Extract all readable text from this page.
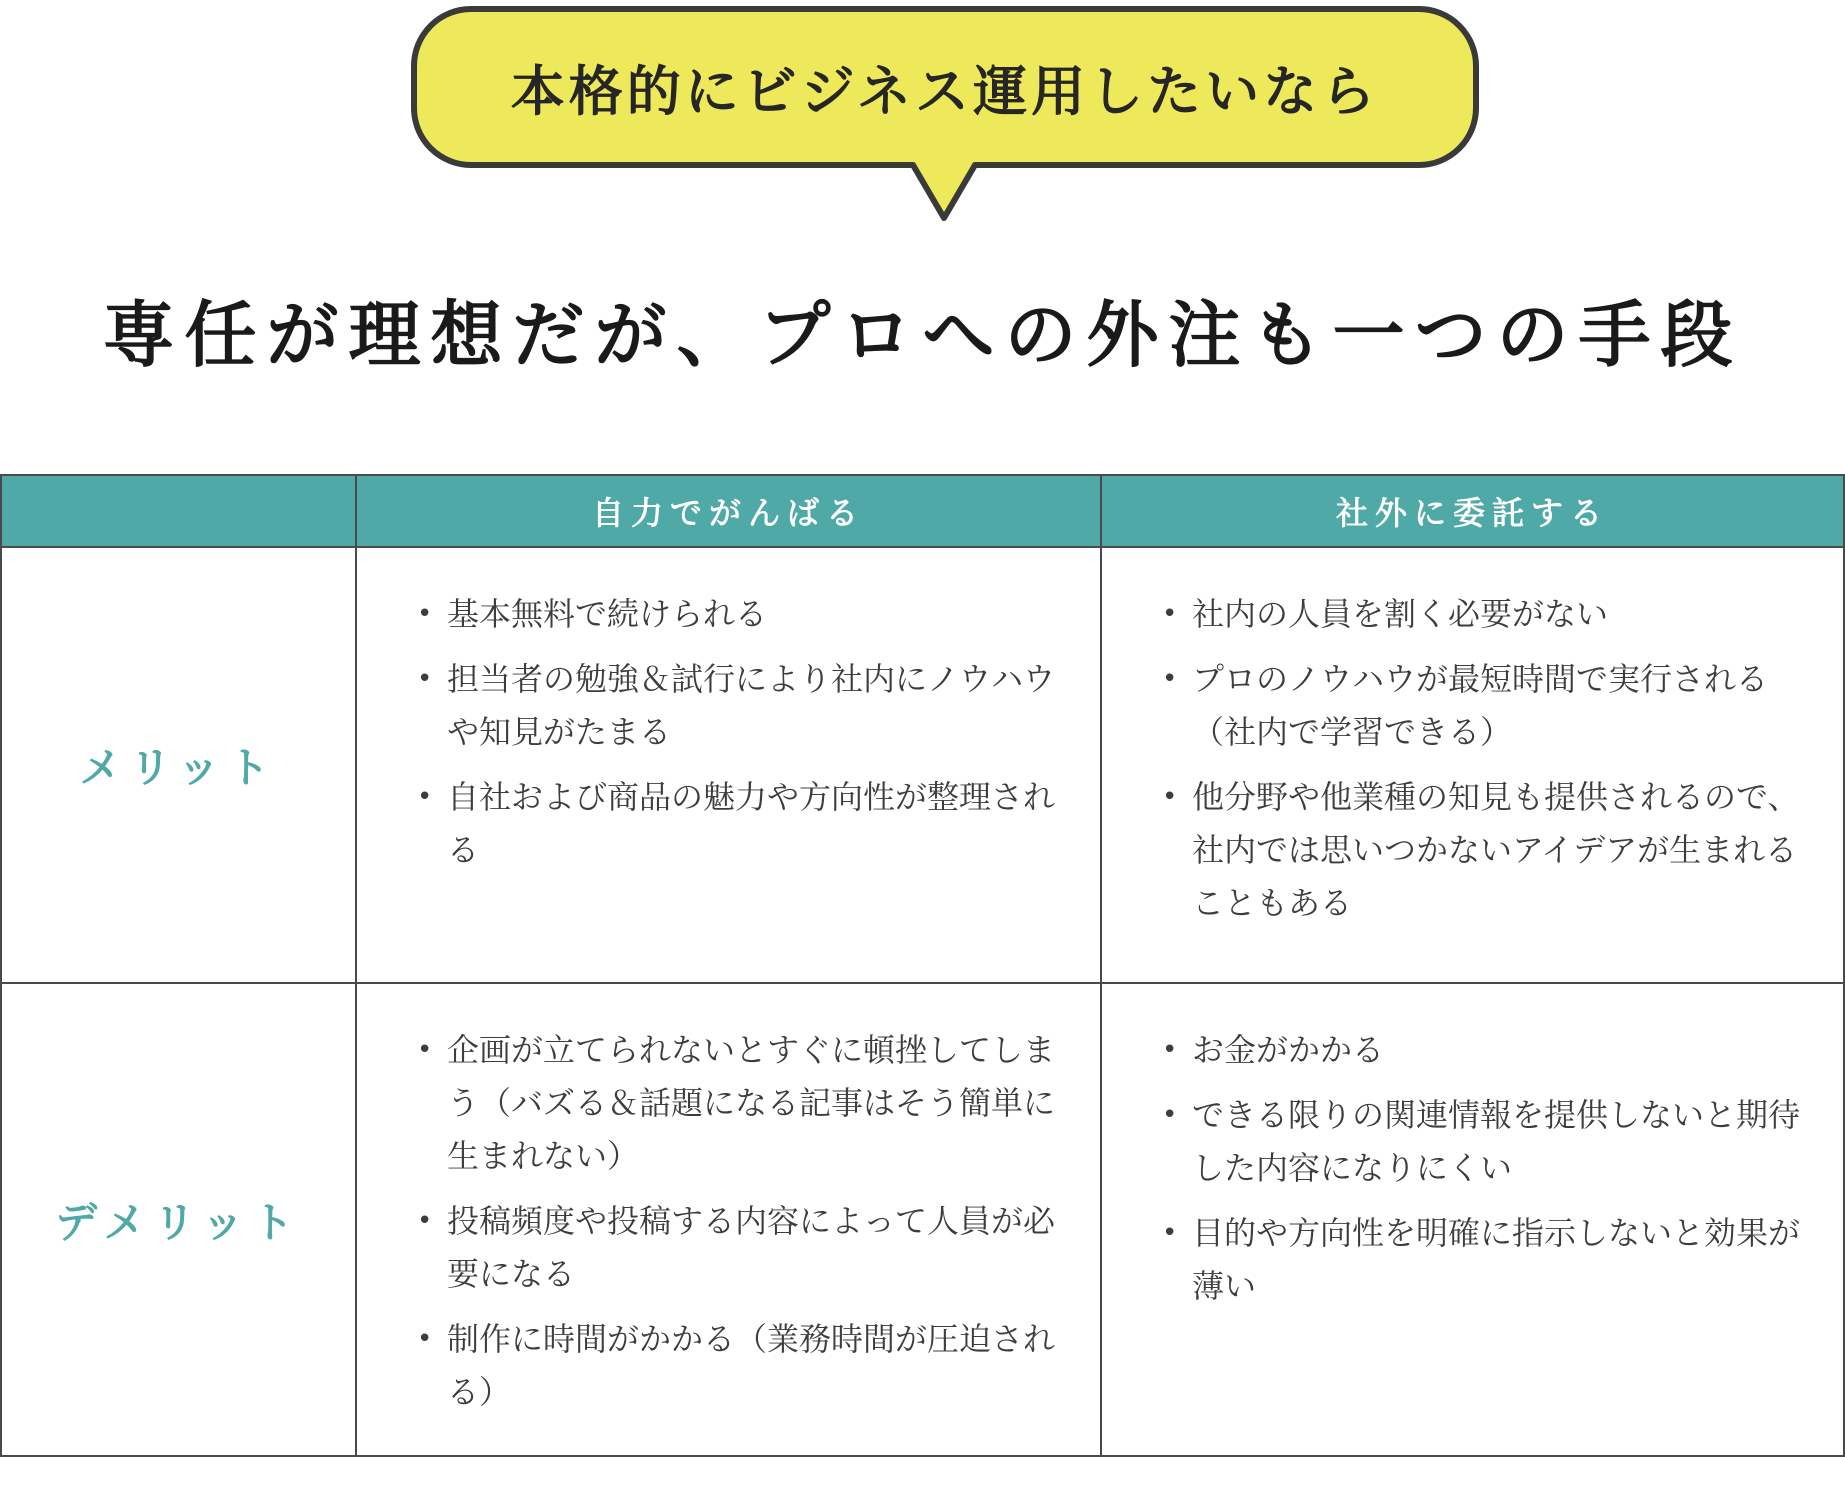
本格的にビジネス運用したいなら
専任が理想だが、プロへの外注も一つの手段
自力でがんばる	社外に委託する
メリット
• 基本無料で続けられる
• 担当者の勉強＆試行により社内にノウハウや知見がたまる
• 自社および商品の魅力や方向性が整理される
• 社内の人員を割く必要がない
• プロのノウハウが最短時間で実行される（社内で学習できる）
• 他分野や他業種の知見も提供されるので、社内では思いつかないアイデアが生まれることもある
デメリット
• 企画が立てられないとすぐに頓挫してしまう（バズる＆話題になる記事はそう簡単に生まれない）
• 投稿頻度や投稿する内容によって人員が必要になる
• 制作に時間がかかる（業務時間が圧迫される）
• お金がかかる
• できる限りの関連情報を提供しないと期待した内容になりにくい
• 目的や方向性を明確に指示しないと効果が薄い
